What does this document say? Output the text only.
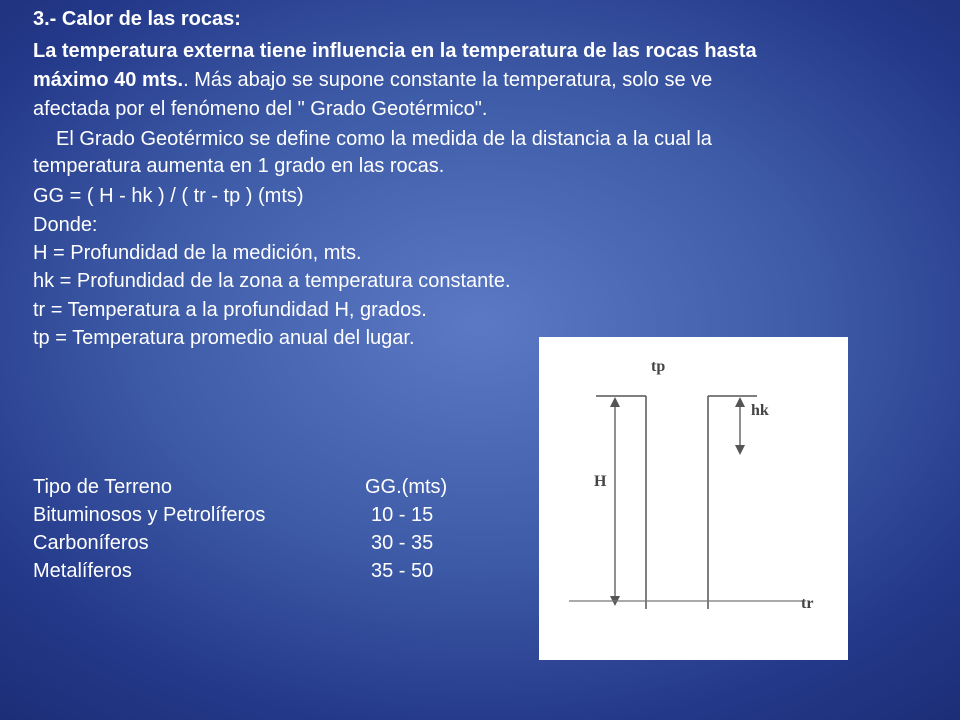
3.- Calor de las rocas:
La temperatura externa tiene influencia en la temperatura de las rocas hasta
máximo 40 mts.. Más abajo se supone constante la temperatura, solo se ve
afectada por el fenómeno del " Grado Geotérmico".
El Grado Geotérmico se define como la medida de la distancia a la cual la
temperatura aumenta en 1 grado en las rocas.
GG = ( H - hk ) / ( tr - tp ) (mts)
Donde:
H = Profundidad de la medición, mts.
hk = Profundidad de la zona a temperatura constante.
tr = Temperatura a la profundidad H, grados.
tp = Temperatura promedio anual del lugar.
Tipo de Terreno	GG.(mts)
Bituminosos y Petrolíferos	10 - 15
Carboníferos	30 - 35
Metalíferos	35 - 50
tp
hk
H
tr
